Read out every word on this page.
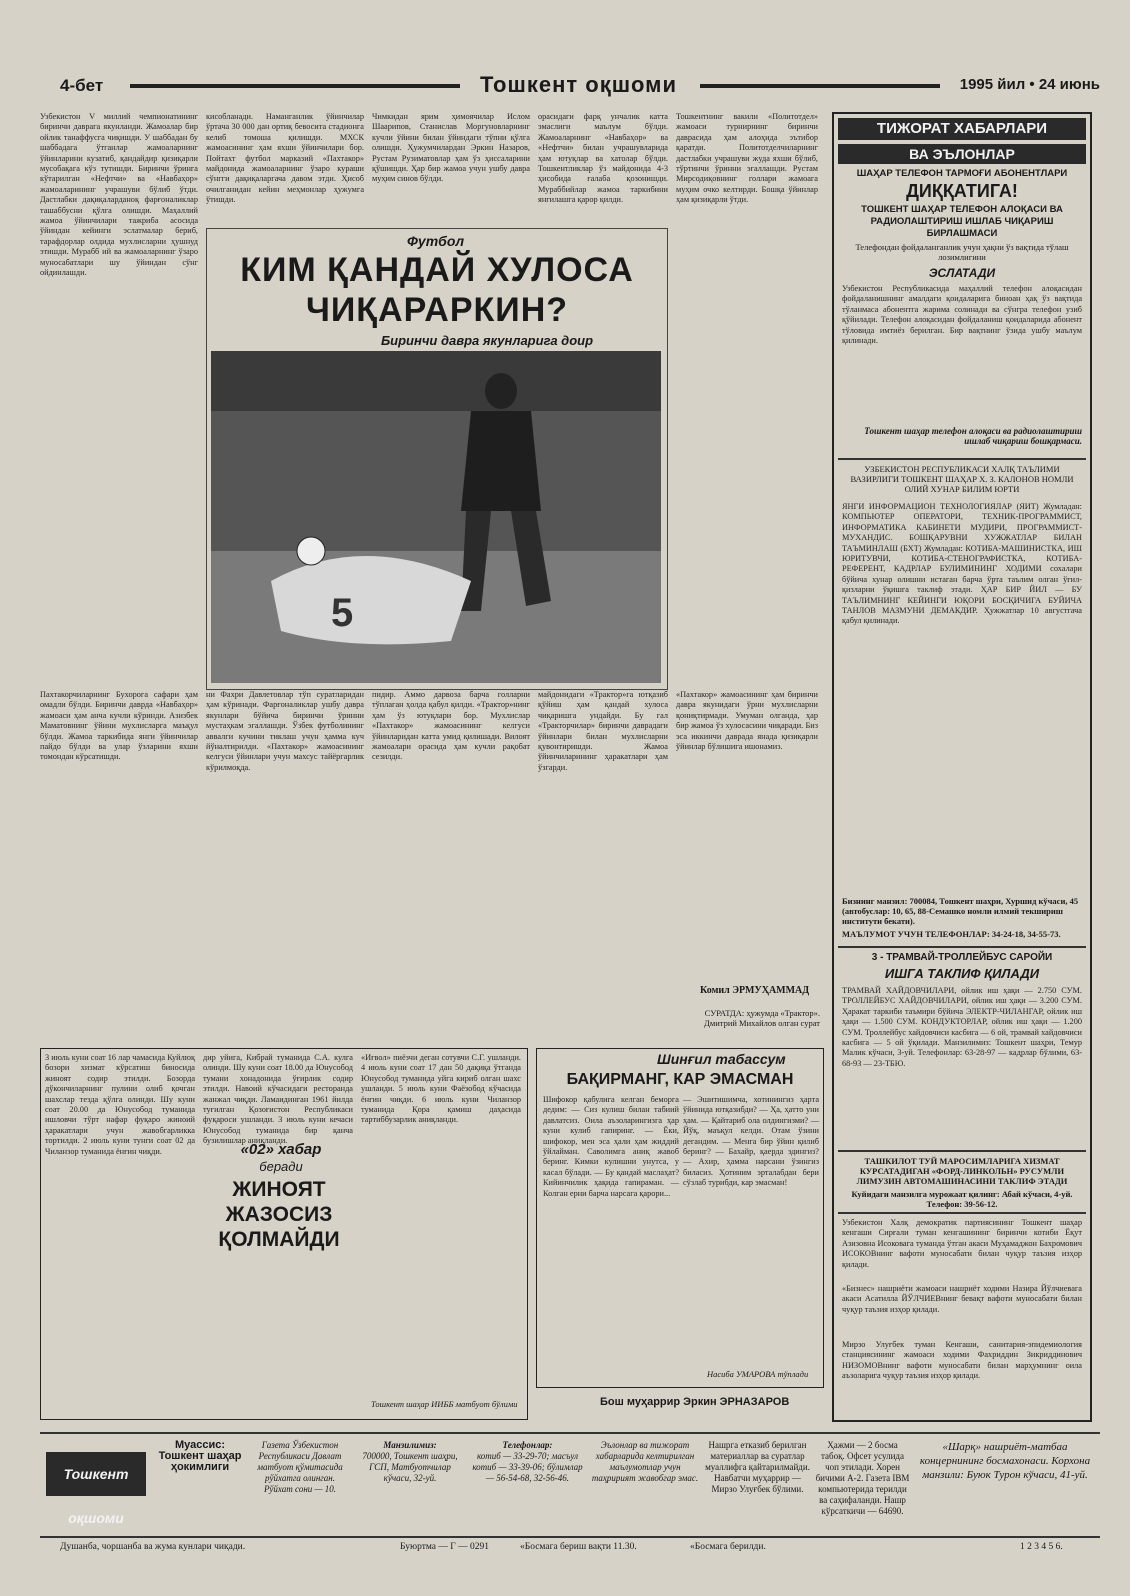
4-бет	Тошкент оқшоми	1995 йил • 24 июнь
Узбекистон V миллий чемпионатининг биринчи даврага якунланди. Жамоалар бир ойлик танаффусга чиқишди. У шаббадан бу шаббадага ўтганлар жамоаларнинг ўйинларини кузатиб, қандайдир қизиқарли мусобақага кўз тутишди. Биринчи ўринга кўтарилган «Нефтчи» ва «Навбаҳор» жамоаларининг учрашуви бўлиб ўтди. Дастлабки дақиқаларданоқ фарғоналиклар ташаббусни қўлга олишди. Маҳаллий жамоа ўйинчилари тажриба асосида ўйиндан кейинги эслатмалар бериб, тарафдорлар олдида мухлисларни ҳушнуд этишди. Мурабб ий ва жамоаларнинг ўзаро муносабатлари шу ўйиндан сўнг ойдинлашди.
кисобланади. Наманганлик ўйинчилар ўртача 30 000 дан ортиқ бевосита стадионга келиб томоша қилишди. МХСК жамоасининг ҳам яхши ўйинчилари бор. Пойтахт футбол марказий «Пахтакор» майдонида жамоаларнинг ўзаро кураши сўнгги дақиқаларгача давом этди. Ҳисоб очилганидан кейин меҳмонлар ҳужумга ўтишди.
Чимкидан ярим ҳимоячилар Ислом Шаарипов, Станислав Моргуновларнинг кучли ўйини билан ўйиндаги тўпни қўлга олишди. Ҳужумчилардан Эркин Назаров, Рустам Рузиматовлар ҳам ўз ҳиссаларини қўшишди. Ҳар бир жамоа учун ушбу давра муҳим синов бўлди.
орасидаги фарқ унчалик катта эмаслиги маълум бўлди. Жамоаларнинг «Навбаҳор» ва «Нефтчи» билан учрашувларида ҳам ютуқлар ва хатолар бўлди. Тошкентликлар ўз майдонида 4-3 ҳисобида ғалаба қозонишди. Мураббийлар жамоа таркибини янгилашга қарор қилди.
Тошкентнинг вакили «Политотдел» жамоаси турнирнинг биринчи даврасида ҳам алоҳида эътибор қаратди. Политотделчиларнинг дастлабки учрашуви жуда яхши бўлиб, тўртинчи ўринни эгаллашди. Рустам Мирсодиқовнинг голлари жамоага муҳим очко келтирди. Бошқа ўйинлар ҳам қизиқарли ўтди.
Футбол
КИМ ҚАНДАЙ ХУЛОСА
ЧИҚАРАРКИН?
Биринчи давра якунларига доир
5
Пахтакорчиларнинг Бухорога сафари ҳам омадли бўлди. Биринчи даврда «Навбаҳор» жамоаси ҳам анча кучли кўринди. Азизбек Маматовнинг ўйини мухлисларга маъқул бўлди. Жамоа таркибида янги ўйинчилар пайдо бўлди ва улар ўзларини яхши томондан кўрсатишди.
ни Фахри Давлетовлар тўп суратларидан ҳам кўринади. Фарғоналиклар ушбу давра якунлари бўйича биринчи ўринни мустаҳкам эгаллашди. Ўзбек футболининг аввалги кучини тиклаш учун ҳамма куч йўналтирилди. «Пахтакор» жамоасининг келгуси ўйинлари учун махсус тайёргарлик кўрилмоқда.
пидир. Аммо дарвоза барча голларни тўплаган ҳолда қабул қилди. «Трактор»нинг ҳам ўз ютуқлари бор. Мухлислар «Пахтакор» жамоасининг келгуси ўйинларидан катта умид қилишади. Вилоят жамоалари орасида ҳам кучли рақобат сезилди.
майдонидаги «Трактор»га ютқазиб қўйиш ҳам қандай хулоса чиқаришга ундайди. Бу гал «Тракторчилар» биринчи даврадаги ўйинлари билан мухлисларни қувонтиришди. Жамоа ўйинчиларининг ҳаракатлари ҳам ўзгарди.
«Пахтакор» жамоасининг ҳам биринчи давра якунидаги ўрни мухлисларни қониқтирмади. Умуман олганда, ҳар бир жамоа ўз хулосасини чиқаради. Биз эса иккинчи даврада янада қизиқарли ўйинлар бўлишига ишонамиз.
Комил ЭРМУҲАММАД
СУРАТДА: ҳужумда «Трактор». Дмитрий Михайлов олган сурат
ТИЖОРАТ ХАБАРЛАРИ
ВА ЭЪЛОНЛАР
ШАҲАР ТЕЛЕФОН ТАРМОҒИ АБОНЕНТЛАРИ
ДИҚҚАТИГА!
ТОШКЕНТ ШАҲАР ТЕЛЕФОН АЛОҚАСИ ВА РАДИОЛАШТИРИШ ИШЛАБ ЧИҚАРИШ БИРЛАШМАСИ
Телефондан фойдаланганлик учун ҳақни ўз вақтида тўлаш лозимлигини
ЭСЛАТАДИ
Узбекистон Республикасида маҳаллий телефон алоқасидан фойдаланишнинг амалдаги қоидаларига биноан ҳақ ўз вақтида тўланмаса абонентга жарима солинади ва сўнгра телефон узиб қўйилади. Телефон алоқасидан фойдаланиш қоидаларида абонент тўловида имтиёз берилган. Бир вақтнинг ўзида ушбу маълум қилинади.
Тошкент шаҳар телефон алоқаси ва радиолаштириш ишлаб чиқариш бошқармаси.
УЗБЕКИСТОН РЕСПУБЛИКАСИ ХАЛҚ ТАЪЛИМИ ВАЗИРЛИГИ ТОШКЕНТ ШАҲАР Х. З. КАЛОНОВ НОМЛИ ОЛИЙ ХУНАР БИЛИМ ЮРТИ
ЯНГИ ИНФОРМАЦИОН ТЕХНОЛОГИЯЛАР (ЯИТ) Жумладан: КОМПЬЮТЕР ОПЕРАТОРИ, ТЕХНИК-ПРОГРАММИСТ, ИНФОРМАТИКА КАБИНЕТИ МУДИРИ, ПРОГРАММИСТ-МУХАНДИС. БОШҚАРУВНИ ХУЖЖАТЛАР БИЛАН ТАЪМИНЛАШ (БХТ) Жумладан: КОТИБА-МАШИНИСТКА, ИШ ЮРИТУВЧИ, КОТИБА-СТЕНОГРАФИСТКА, КОТИБА-РЕФЕРЕНТ, КАДРЛАР БУЛИМИНИНГ ХОДИМИ сохалари бўйича хунар олишни истаган барча ўрта таълим олган ўғил-қизларни ўқишга таклиф этади. ҲАР БИР ЙИЛ — БУ ТАЪЛИМНИНГ КЕЙИНГИ ЮҚОРИ БОСҚИЧИГА БУЙИЧА ТАНЛОВ МАЗМУНИ ДЕМАКДИР. Ҳужжатлар 10 августгача қабул қилинади.
Бизнинг манзил: 700084, Тошкент шаҳри, Хуршид кўчаси, 45 (автобуслар: 10, 65, 88-Семашко номли илмий текшириш институти бекати).
МАЪЛУМОТ УЧУН ТЕЛЕФОНЛАР: 34-24-18, 34-55-73.
3 - ТРАМВАЙ-ТРОЛЛЕЙБУС САРОЙИ
ИШГА ТАКЛИФ ҚИЛАДИ
ТРАМВАЙ ХАЙДОВЧИЛАРИ, ойлик иш ҳақи — 2.750 СУМ. ТРОЛЛЕЙБУС ХАЙДОВЧИЛАРИ, ойлик иш ҳақи — 3.200 СУМ. Ҳаракат таркиби таъмири бўйича ЭЛЕКТР-ЧИЛАНГАР, ойлик иш ҳақи — 1.500 СУМ. КОНДУКТОРЛАР, ойлик иш ҳақи — 1.200 СУМ. Троллейбус хайдовчиси касбига — 6 ой, трамвай хайдовчиси касбига — 5 ой ўқилади. Манзилимиз: Тошкент шаҳри, Темур Малик кўчаси, 3-уй. Телефонлар: 63-28-97 — кадрлар бўлими, 63-68-93 — 23-ТБЮ.
ТАШКИЛОТ ТУЙ МАРОСИМЛАРИГА ХИЗМАТ КУРСАТАДИГАН «ФОРД-ЛИНКОЛЬН» РУСУМЛИ ЛИМУЗИН АВТОМАШИНАСИНИ ТАКЛИФ ЭТАДИ
Куйидаги манзилга мурожаат қилинг: Абай кўчаси, 4-уй. Телефон: 39-56-12.
Узбекистон Халқ демократик партиясининг Тошкент шаҳар кенгаши Сирғали туман кенгашининг биринчи котиби Ёқут Азизовна Исоковага туманда ўтган акаси Муҳамаджон Бахромович ИСОКОВнинг вафоти муносабати билан чуқур таъзия изҳор қилади.
«Бизнес» нашриёти жамоаси нашриёт ходими Назира Йўлчиевага акаси Асатилла ЙЎЛЧИЕВнинг бевақт вафоти муносабати билан чуқур таъзия изҳор қилади.
Мирзо Улуғбек туман Кенгаши, санитария-эпидемиология станциясининг жамоаси ходими Фахриддин Зикриддинович НИЗОМОВнинг вафоти муносабати билан марҳумнинг оила аъзоларига чуқур таъзия изҳор қилади.
3 июль куни соат 16 лар чамасида Куйлюқ бозори хизмат кўрсатиш биносида жиноят содир этилди. Бозорда дўкончиларнинг пулини олиб қочган шахслар тезда қўлга олинди. Шу куни соат 20.00 да Юнусобод туманида ишловчи тўрт нафар фуқаро жиноий ҳаракатлари учун жавобгарликка тортилди. 2 июль куни тунги соат 02 да Чиланзор туманида ёнғин чиқди.
дир уйига, Кибрай туманида С.А. кулга олинди. Шу куни соат 18.00 да Юнусобод тумани хонадонида ўғирлик содир этилди. Навоий кўчасидаги ресторанда жанжал чиқди. Ламаидинган 1961 йилда туғилган Қозоғистон Республикаси фуқароси ушланди. 3 июль куни кечаси Юнусобод туманида бир қанча бузилишлар аниқланди.
«02» хабар
беради
ЖИНОЯТ ЖАЗОСИЗ ҚОЛМАЙДИ
«Иғвол» пиёзчи деган сотувчи С.Г. ушланди. 4 июль куни соат 17 дан 50 дақиқа ўтганда Юнусобод туманида уйга кириб олган шахс ушланди. 5 июль куни Фаёзобод кўчасида ёнғин чиқди. 6 июль куни Чиланзор туманида Қора қамиш даҳасида тартиббузарлик аниқланди.
Тошкент шаҳар ИИББ матбуот бўлими
Шинғил табассум
БАҚИРМАНГ, КАР ЭМАСМАН
Шифокор қабулига келган беморга дедим: — Сиз кулиш билан табиий давлатсиз. Оила аъзоларингизга ҳар куни кулиб гапиринг. — Ёки, шифокор, мен эса ҳали ҳам жиддий ўйлайман. Саволимга аниқ жавоб беринг. Кимки кулишни унутса, у касал бўлади. — Бу қандай маслаҳат? Кийинчилик ҳақида гапираман. — Колган ерни барча нарсага қарори...
— Эшитишимча, хотинингиз ҳарта ўйинида ютқазибди? — Ҳа, ҳатто уни ҳам. — Қайтариб ола олдингизми? — Йўқ, маъқул келди. Отам ўзини дегандим. — Менга бир ўйин қилиб беринг? — Бахайр, қаерда эдингиз? — Ахир, ҳамма нарсани ўзингиз биласиз. Ҳотиним эрталабдан бери сўзлаб турибди, кар эмасман!
Насиба УМАРОВА тўплади
Бош муҳаррир Эркин ЭРНАЗАРОВ
Тошкент оқшоми
Муассис:
Тошкент шаҳар ҳокимлиги
Газета Ўзбекистон Республикаси Давлат матбуот қўмитасида рўйхатга олинган. Рўйхат сони — 10.
Манзилимиз:
700000, Тошкент шаҳри, ГСП, Матбуотчилар кўчаси, 32-уй.
Телефонлар:
котиб — 33-29-70; масъул котиб — 33-39-06; бўлимлар — 56-54-68, 32-56-46.
Эълонлар ва тижорат хабарларида келтирилган маълумотлар учун таҳририят жавобгар эмас.
Нашрга етказиб берилган материаллар ва суратлар муаллифга қайтарилмайди. Навбатчи муҳаррир — Мирзо Улуғбек бўлими.
Ҳажми — 2 босма табоқ. Офсет усулида чоп этилади. Хорен бичими А-2. Газета IBM компьютерида терилди ва саҳифаланди. Нашр кўрсаткичи — 64690.
«Шарқ» нашриёт-матбаа концернининг босмахонаси. Корхона манзили: Буюк Турон кўчаси, 41-уй.
Душанба, чоршанба ва жума кунлари чиқади.	Буюртма — Г — 0291	«Босмага бериш вақти 11.30.	«Босмага берилди.	1 2 3 4 5 6.
